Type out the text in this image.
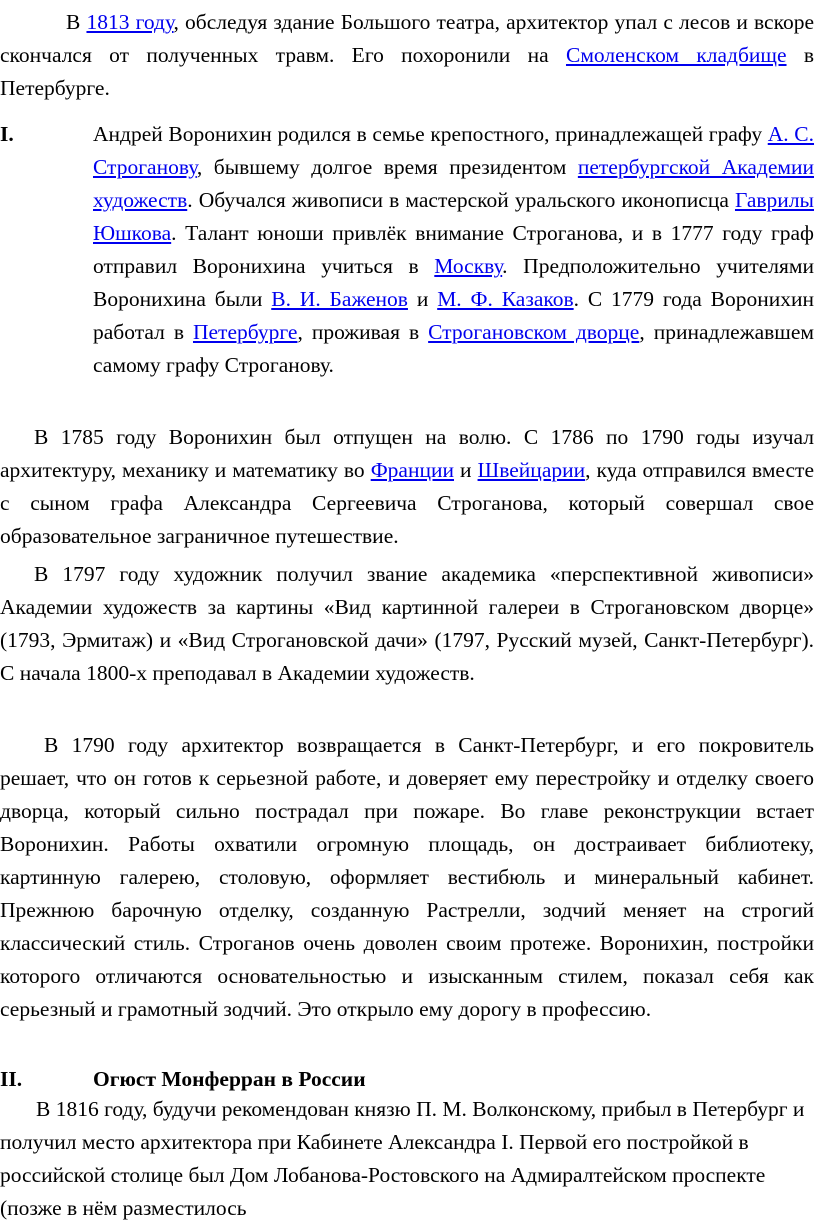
В 1813 году, обследуя здание Большого театра, архитектор упал с лесов и вскоре скончался от полученных травм. Его похоронили на Смоленском кладбище в Петербурге.

I.	Андрей Воронихин родился в семье крепостного, принадлежащей графу А. С. Строганову, бывшему долгое время президентом петербургской Академии художеств. Обучался живописи в мастерской уральского иконописца Гаврилы Юшкова. Талант юноши привлёк внимание Строганова, и в 1777 году граф отправил Воронихина учиться в Москву. Предположительно учителями Воронихина были В. И. Баженов и М. Ф. Казаков. С 1779 года Воронихин работал в Петербурге, проживая в Строгановском дворце, принадлежавшем самому графу Строганову.

В 1785 году Воронихин был отпущен на волю. С 1786 по 1790 годы изучал архитектуру, механику и математику во Франции и Швейцарии, куда отправился вместе с сыном графа Александра Сергеевича Строганова, который совершал свое образовательное заграничное путешествие.

В 1797 году художник получил звание академика «перспективной живописи» Академии художеств за картины «Вид картинной галереи в Строгановском дворце» (1793, Эрмитаж) и «Вид Строгановской дачи» (1797, Русский музей, Санкт-Петербург). С начала 1800-х преподавал в Академии художеств.

В 1790 году архитектор возвращается в Санкт-Петербург, и его покровитель решает, что он готов к серьезной работе, и доверяет ему перестройку и отделку своего дворца, который сильно пострадал при пожаре. Во главе реконструкции встает Воронихин. Работы охватили огромную площадь, он достраивает библиотеку, картинную галерею, столовую, оформляет вестибюль и минеральный кабинет. Прежнюю барочную отделку, созданную Растрелли, зодчий меняет на строгий классический стиль. Строганов очень доволен своим протеже. Воронихин, постройки которого отличаются основательностью и изысканным стилем, показал себя как серьезный и грамотный зодчий. Это открыло ему дорогу в профессию.

II.	Огюст Монферран в России

В 1816 году, будучи рекомендован князю П. М. Волконскому, прибыл в Петербург и получил место архитектора при Кабинете Александра I. Первой его постройкой в российской столице был Дом Лобанова-Ростовского на Адмиралтейском проспекте (позже в нём разместилось
